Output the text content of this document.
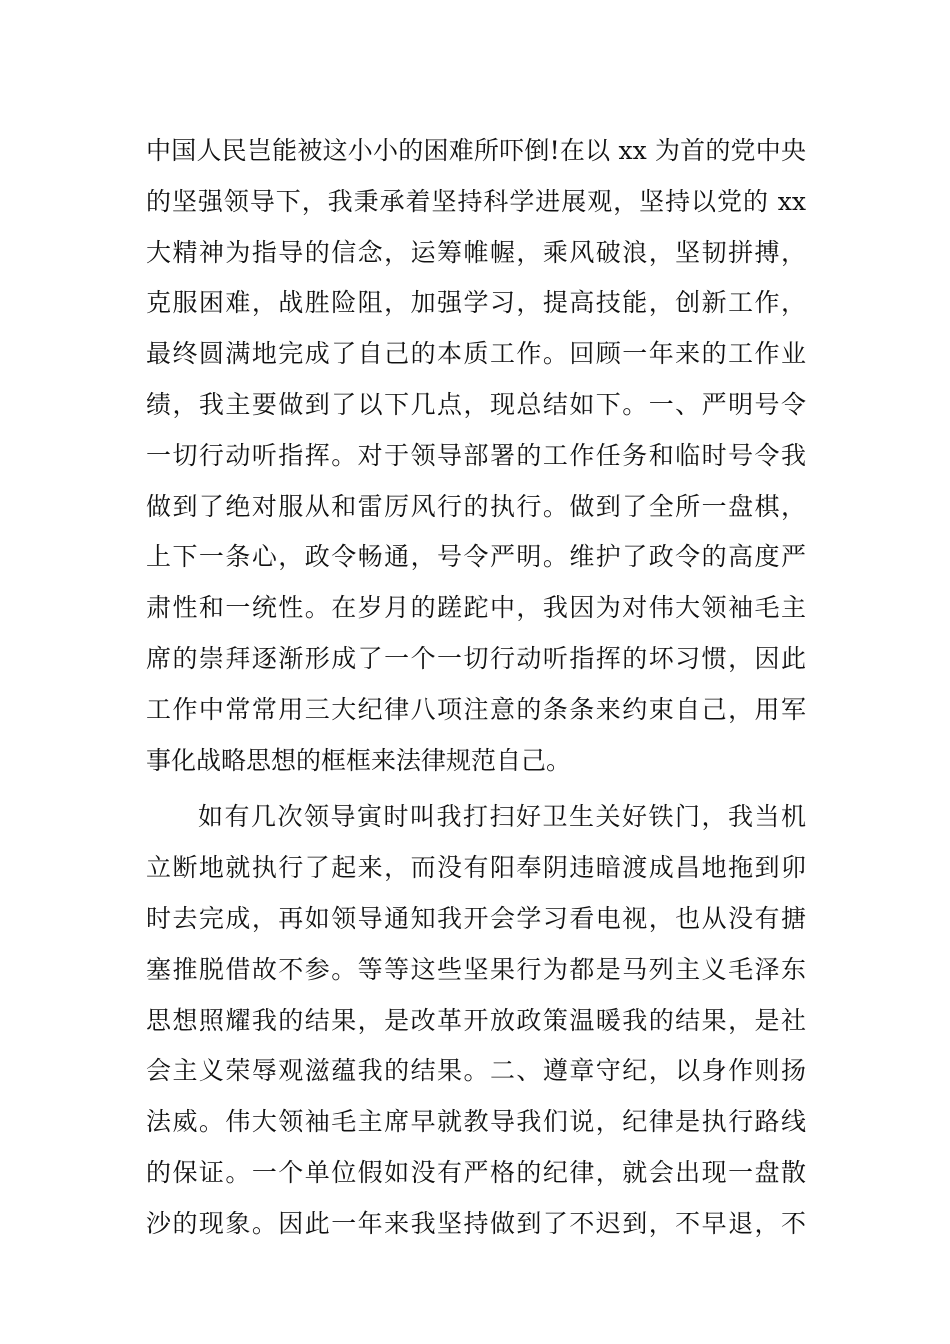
中国人民岂能被这小小的困难所吓倒!在以 xx 为首的党中央
的坚强领导下，我秉承着坚持科学进展观，坚持以党的 xx
大精神为指导的信念，运筹帷幄，乘风破浪，坚韧拼搏，
克服困难，战胜险阻，加强学习，提高技能，创新工作，
最终圆满地完成了自己的本质工作。回顾一年来的工作业
绩，我主要做到了以下几点，现总结如下。一、严明号令
一切行动听指挥。对于领导部署的工作任务和临时号令我
做到了绝对服从和雷厉风行的执行。做到了全所一盘棋，
上下一条心，政令畅通，号令严明。维护了政令的高度严
肃性和一统性。在岁月的蹉跎中，我因为对伟大领袖毛主
席的崇拜逐渐形成了一个一切行动听指挥的坏习惯，因此
工作中常常用三大纪律八项注意的条条来约束自己，用军
事化战略思想的框框来法律规范自己。
如有几次领导寅时叫我打扫好卫生关好铁门，我当机
立断地就执行了起来，而没有阳奉阴违暗渡成昌地拖到卯
时去完成，再如领导通知我开会学习看电视，也从没有搪
塞推脱借故不参。等等这些坚果行为都是马列主义毛泽东
思想照耀我的结果，是改革开放政策温暖我的结果，是社
会主义荣辱观滋蕴我的结果。二、遵章守纪，以身作则扬
法威。伟大领袖毛主席早就教导我们说，纪律是执行路线
的保证。一个单位假如没有严格的纪律，就会出现一盘散
沙的现象。因此一年来我坚持做到了不迟到，不早退，不
